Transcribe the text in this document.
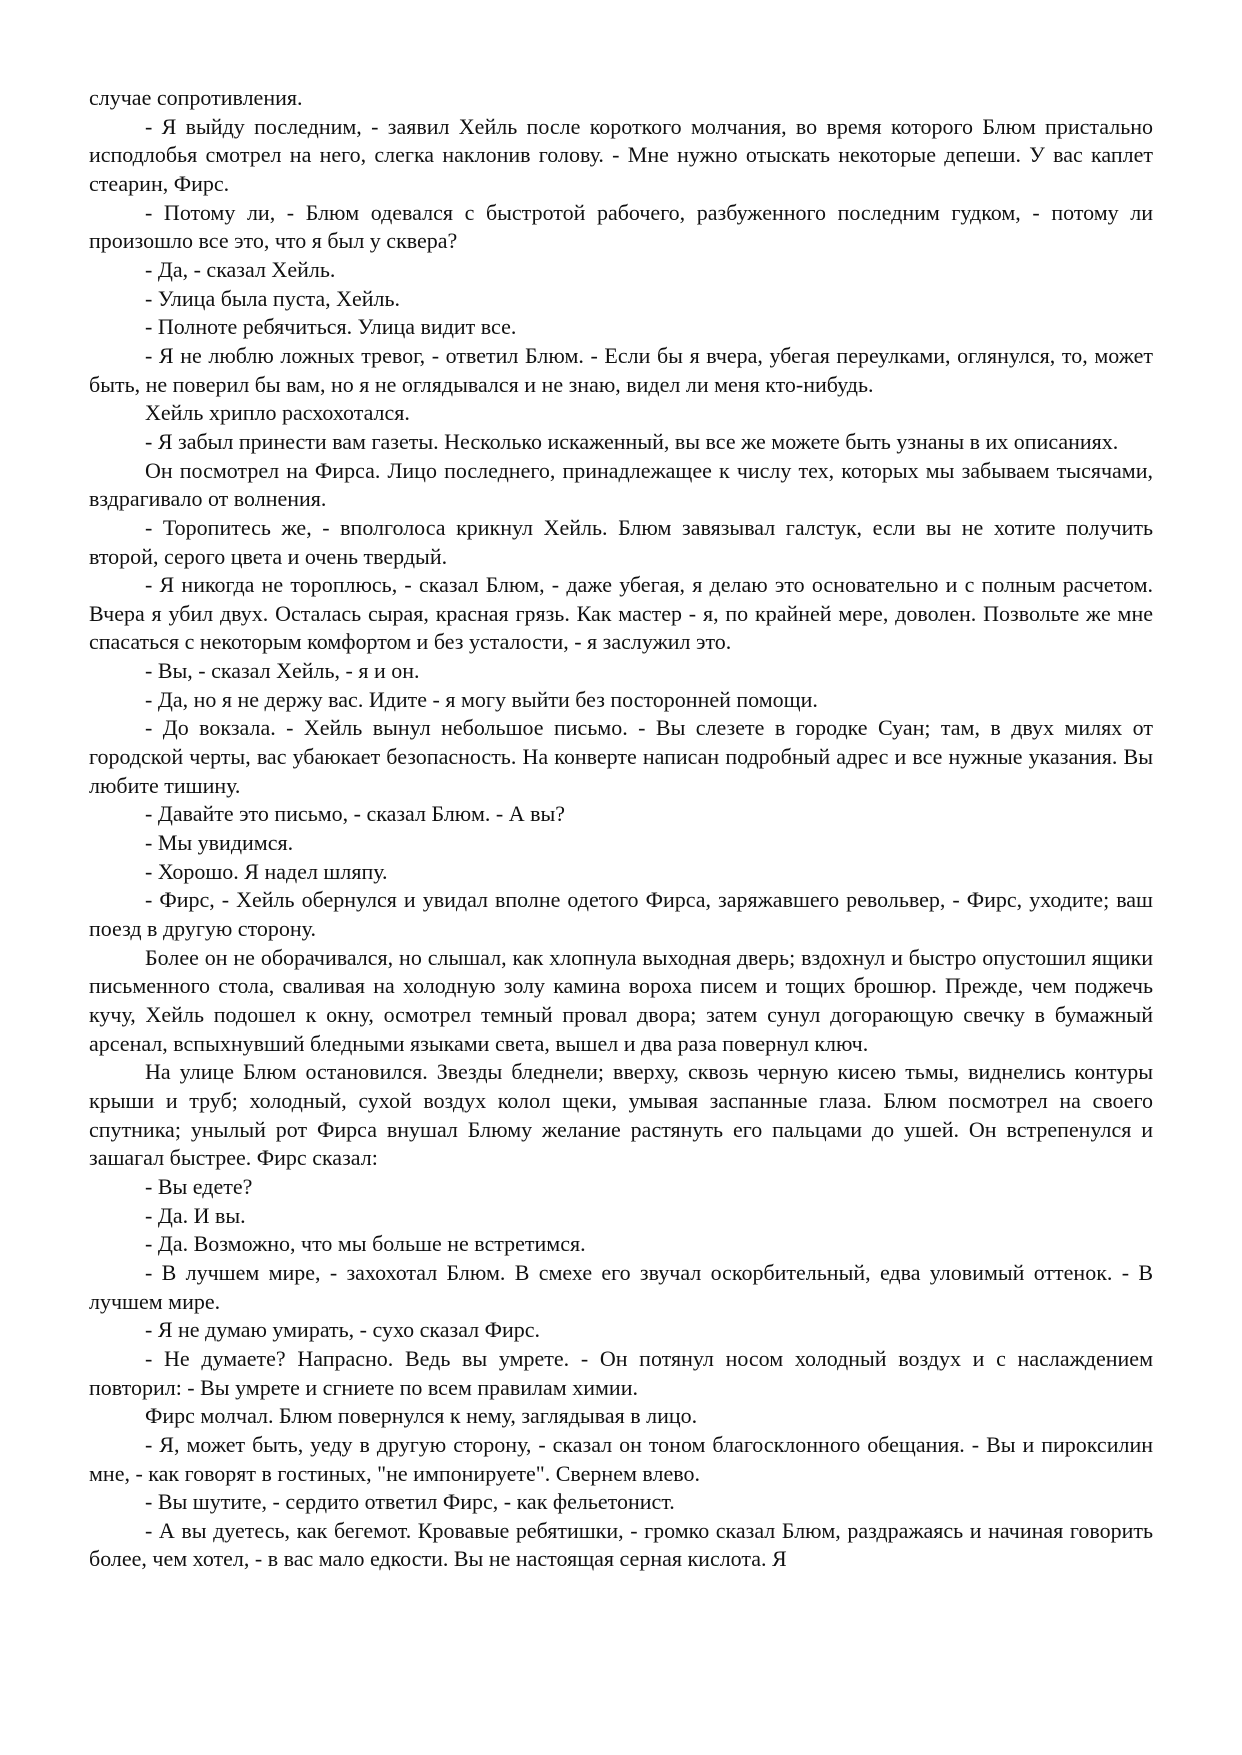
случае сопротивления.

- Я выйду последним, - заявил Хейль после короткого молчания, во время которого Блюм пристально исподлобья смотрел на него, слегка наклонив голову. - Мне нужно отыскать некоторые депеши. У вас каплет стеарин, Фирс.

- Потому ли, - Блюм одевался с быстротой рабочего, разбуженного последним гудком, - потому ли произошло все это, что я был у сквера?

- Да, - сказал Хейль.

- Улица была пуста, Хейль.

- Полноте ребячиться. Улица видит все.

- Я не люблю ложных тревог, - ответил Блюм. - Если бы я вчера, убегая переулками, оглянулся, то, может быть, не поверил бы вам, но я не оглядывался и не знаю, видел ли меня кто-нибудь.

Хейль хрипло расхохотался.

- Я забыл принести вам газеты. Несколько искаженный, вы все же можете быть узнаны в их описаниях.

Он посмотрел на Фирса. Лицо последнего, принадлежащее к числу тех, которых мы забываем тысячами, вздрагивало от волнения.

- Торопитесь же, - вполголоса крикнул Хейль. Блюм завязывал галстук, если вы не хотите получить второй, серого цвета и очень твердый.

- Я никогда не тороплюсь, - сказал Блюм, - даже убегая, я делаю это основательно и с полным расчетом. Вчера я убил двух. Осталась сырая, красная грязь. Как мастер - я, по крайней мере, доволен. Позвольте же мне спасаться с некоторым комфортом и без усталости, - я заслужил это.

- Вы, - сказал Хейль, - я и он.

- Да, но я не держу вас. Идите - я могу выйти без посторонней помощи.

- До вокзала. - Хейль вынул небольшое письмо. - Вы слезете в городке Суан; там, в двух милях от городской черты, вас убаюкает безопасность. На конверте написан подробный адрес и все нужные указания. Вы любите тишину.

- Давайте это письмо, - сказал Блюм. - А вы?

- Мы увидимся.

- Хорошо. Я надел шляпу.

- Фирс, - Хейль обернулся и увидал вполне одетого Фирса, заряжавшего револьвер, - Фирс, уходите; ваш поезд в другую сторону.

Более он не оборачивался, но слышал, как хлопнула выходная дверь; вздохнул и быстро опустошил ящики письменного стола, сваливая на холодную золу камина вороха писем и тощих брошюр. Прежде, чем поджечь кучу, Хейль подошел к окну, осмотрел темный провал двора; затем сунул догорающую свечку в бумажный арсенал, вспыхнувший бледными языками света, вышел и два раза повернул ключ.

На улице Блюм остановился. Звезды бледнели; вверху, сквозь черную кисею тьмы, виднелись контуры крыши и труб; холодный, сухой воздух колол щеки, умывая заспанные глаза. Блюм посмотрел на своего спутника; унылый рот Фирса внушал Блюму желание растянуть его пальцами до ушей. Он встрепенулся и зашагал быстрее. Фирс сказал:

- Вы едете?

- Да. И вы.

- Да. Возможно, что мы больше не встретимся.

- В лучшем мире, - захохотал Блюм. В смехе его звучал оскорбительный, едва уловимый оттенок. - В лучшем мире.

- Я не думаю умирать, - сухо сказал Фирс.

- Не думаете? Напрасно. Ведь вы умрете. - Он потянул носом холодный воздух и с наслаждением повторил: - Вы умрете и сгниете по всем правилам химии.

Фирс молчал. Блюм повернулся к нему, заглядывая в лицо.

- Я, может быть, уеду в другую сторону, - сказал он тоном благосклонного обещания. - Вы и пироксилин мне, - как говорят в гостиных, "не импонируете". Свернем влево.

- Вы шутите, - сердито ответил Фирс, - как фельетонист.

- А вы дуетесь, как бегемот. Кровавые ребятишки, - громко сказал Блюм, раздражаясь и начиная говорить более, чем хотел, - в вас мало едкости. Вы не настоящая серная кислота. Я
